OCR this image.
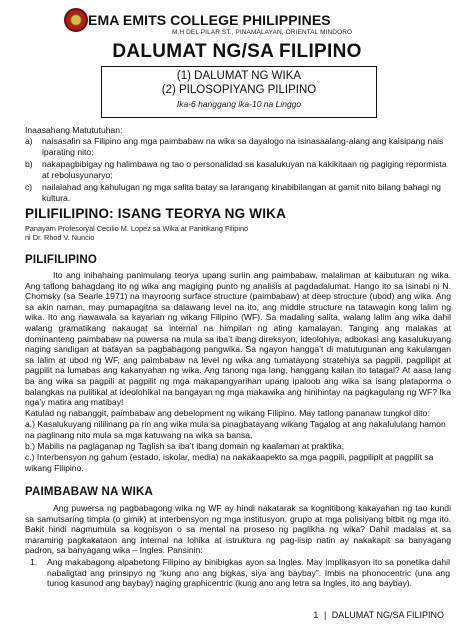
EMA EMITS COLLEGE PHILIPPINES
M.H DEL PILAR ST., PINAMALAYAN, ORIENTAL MINDORO
DALUMAT NG/SA FILIPINO
(1) DALUMAT NG WIKA
(2) PILOSOPIYANG PILIPINO
Ika-6 hanggang ika-10 na Linggo
Inaasahang Matututuhan:
a)	naisasalin sa Filipino ang mga paimbabaw na wika sa dayalogo na isinasaalang-alang ang kaisipang nais iparating nito;
b)	nakapagbibigay ng halimbawa ng tao o personalidad sa kasalukuyan na kakikitaan ng pagiging repormista at rebolusyunaryo;
c)	nailalahad ang kahulugan ng mga salita batay sa larangang kinabibilangan at gamit nito bilang bahagi ng kultura.
PILIFILIPINO: ISANG TEORYA NG WIKA
Panayam Profesoryal Cecilio M. Lopez sa Wika at Panitikang Filipino
ni Dr. Rhod V. Nuncio
PILIFILIPINO
Ito ang inihahaing panimulang teorya upang suriin ang paimbabaw, malaliman at kaibuturan ng wika. Ang tatlong bahagdang ito ng wika ang magiging punto ng analisis at pagdadalumat. Hango ito sa isinabi ni N. Chomsky (sa Searle 1971) na mayroong surface structure (paimbabaw) at deep structure (ubod) ang wika. Ang sa akin naman, may pumapagitna sa dalawang level na ito, ang middle structure na tatawagin kong lalim ng wika. Ito ang nawawala sa kayarian ng wikang Filipino (WF). Sa madaling salita, walang lalim ang wika dahil walang gramatikang nakaugat sa internal na himpilan ng ating kamalayan. Tanging ang malakas at dominanteng paimbabaw na puwersa na mula sa iba’t ibang direksyon, ideolohiya, adbokasi ang kasalukuyang naging sandigan at batayan sa pagbabagong pangwika. Sa ngayon hangga’t di matutugunan ang kakulangan sa lalim at ubod ng WF, ang paimbabaw na level ng wika ang tumatayong stratehiya sa pagpili, pagpilipit at pagpilit na lumabas ang kakanyahan ng wika. Ang tanong nga lang, hanggang kailan ito tatagal? At aasa lang ba ang wika sa pagpili at pagpilit ng mga makapangyarihan upang ipaloob ang wika sa isang plataporma o balangkas na pulitikal at ideolohikal na bangayan ng mga makawika ang hinihintay na pagkagulang ng WF? Ika nga’y matira ang matibay!
Katulad ng nabanggit, paimbabaw ang debelopment ng wikang Filipino. May tatlong pananaw tungkol dito:
a.) Kasalukuyang nililinang pa rin ang wika mula sa pinagbatayang wikang Tagalog at ang nakalululang hamon na paglinang nito mula sa mga katuwang na wika sa bansa,
b.) Mabilis na paglaganap ng Taglish sa iba’t ibang domain ng kaalaman at praktika,
c.) Interbensyon ng gahum (estado, iskolar, media) na nakakaapekto sa mga pagpili, pagpilipit at pagpilit sa wikang Filipino.
PAIMBABAW NA WIKA
Ang puwersa ng pagbabagong wika ng WF ay hindi nakatarak sa kognitibong kakayahan ng tao kundi sa samutsaring timpla (o gimik) at interbensyon ng mga institusyon, grupo at mga polisiyang bitbit ng mga ito. Bakit hindi nagmumula sa kognisyon o sa mental na proseso ng paglikha ng wika? Dahil madalas at sa maraming pagkakataon ang internal na lohika at istruktura ng pag-iisip natin ay nakakapit sa banyagang padron, sa banyagang wika – Ingles. Pansinin:
1.	Ang makabagong alpabetong Filipino ay binibigkas ayon sa Ingles. May implikasyon ito sa ponetika dahil nabaligtad ang prinsipyo ng “kung ano ang bigkas, siya ang baybay”. Imbis na phonocentric (una ang tunog kasunod ang baybay) naging graphicentric (kung ano ang letra sa Ingles, ito ang baybay).
1 | DALUMAT NG/SA FILIPINO
